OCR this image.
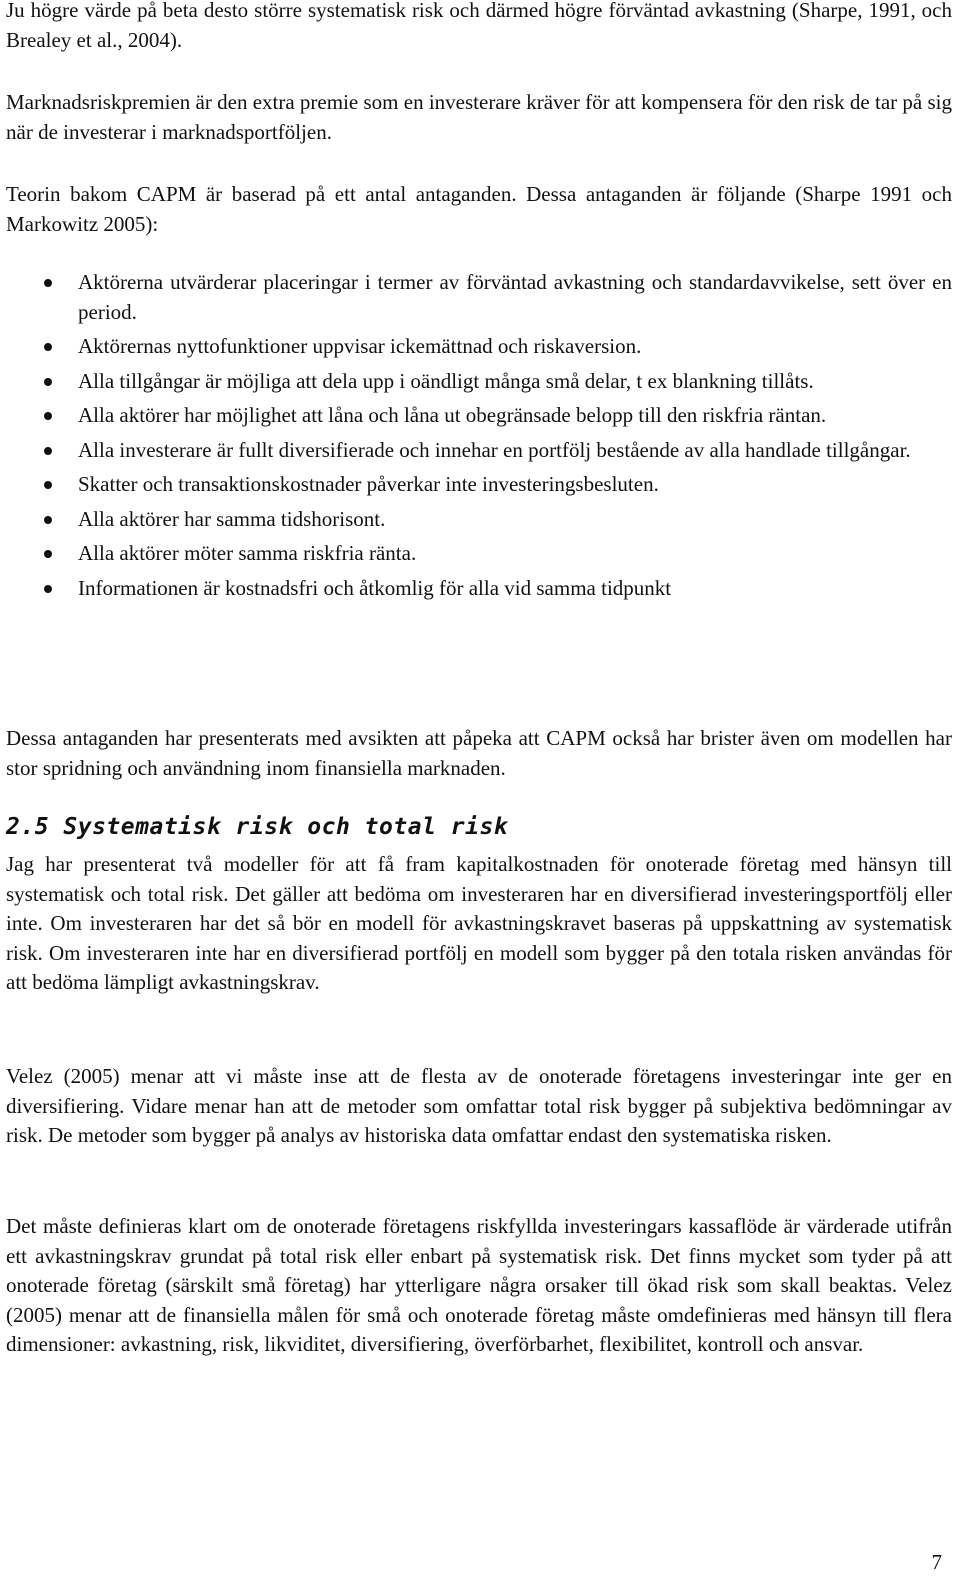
Ju högre värde på beta desto större systematisk risk och därmed högre förväntad avkastning (Sharpe, 1991, och Brealey et al., 2004).

Marknadsriskpremien är den extra premie som en investerare kräver för att kompensera för den risk de tar på sig när de investerar i marknadsportföljen.

Teorin bakom CAPM är baserad på ett antal antaganden. Dessa antaganden är följande (Sharpe 1991 och Markowitz 2005):

Aktörerna utvärderar placeringar i termer av förväntad avkastning och standardavvikelse, sett över en period.
Aktörernas nyttofunktioner uppvisar ickemättnad och riskaversion.
Alla tillgångar är möjliga att dela upp i oändligt många små delar, t ex blankning tillåts.
Alla aktörer har möjlighet att låna och låna ut obegränsade belopp till den riskfria räntan.
Alla investerare är fullt diversifierade och innehar en portfölj bestående av alla handlade tillgångar.
Skatter och transaktionskostnader påverkar inte investeringsbesluten.
Alla aktörer har samma tidshorisont.
Alla aktörer möter samma riskfria ränta.
Informationen är kostnadsfri och åtkomlig för alla vid samma tidpunkt

Dessa antaganden har presenterats med avsikten att påpeka att CAPM också har brister även om modellen har stor spridning och användning inom finansiella marknaden.

2.5 Systematisk risk och total risk

Jag har presenterat två modeller för att få fram kapitalkostnaden för onoterade företag med hänsyn till systematisk och total risk. Det gäller att bedöma om investeraren har en diversifierad investeringsportfölj eller inte. Om investeraren har det så bör en modell för avkastningskravet baseras på uppskattning av systematisk risk. Om investeraren inte har en diversifierad portfölj en modell som bygger på den totala risken användas för att bedöma lämpligt avkastningskrav.

Velez (2005) menar att vi måste inse att de flesta av de onoterade företagens investeringar inte ger en diversifiering. Vidare menar han att de metoder som omfattar total risk bygger på subjektiva bedömningar av risk. De metoder som bygger på analys av historiska data omfattar endast den systematiska risken.

Det måste definieras klart om de onoterade företagens riskfyllda investeringars kassaflöde är värderade utifrån ett avkastningskrav grundat på total risk eller enbart på systematisk risk. Det finns mycket som tyder på att onoterade företag (särskilt små företag) har ytterligare några orsaker till ökad risk som skall beaktas. Velez (2005) menar att de finansiella målen för små och onoterade företag måste omdefinieras med hänsyn till flera dimensioner: avkastning, risk, likviditet, diversifiering, överförbarhet, flexibilitet, kontroll och ansvar.

7
